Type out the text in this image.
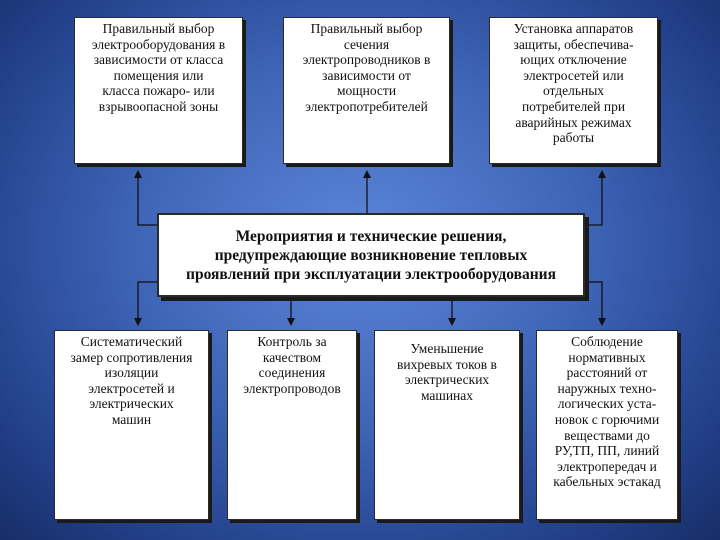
Правильный выбор
электрооборудования в
зависимости от класса
помещения или
класса пожаро- или
взрывоопасной зоны
Правильный выбор
сечения
электропроводников в
зависимости от
мощности
электропотребителей
Установка аппаратов
защиты, обеспечива-
ющих отключение
электросетей или
отдельных
потребителей при
аварийных режимах
работы
Мероприятия и технические решения,
предупреждающие возникновение тепловых
проявлений при эксплуатации электрооборудования
Систематический
замер сопротивления
изоляции
электросетей и
электрических
машин
Контроль за
качеством
соединения
электропроводов
Уменьшение
вихревых токов в
электрических
машинах
Соблюдение
нормативных
расстояний от
наружных техно-
логических уста-
новок с горючими
веществами до
РУ,ТП, ПП, линий
электропередач и
кабельных эстакад
